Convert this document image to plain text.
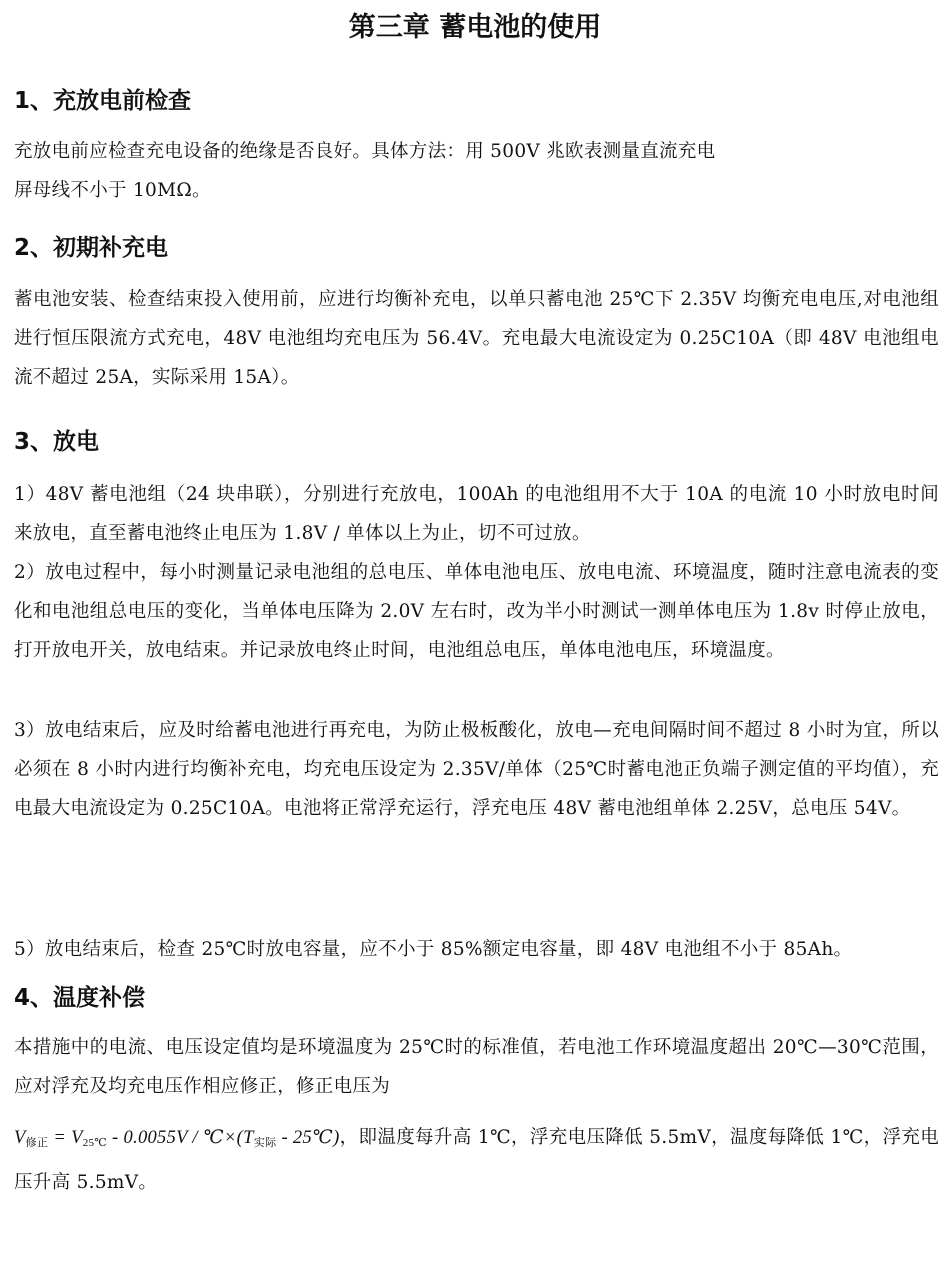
第三章 蓄电池的使用
1、充放电前检查

充放电前应检查充电设备的绝缘是否良好。具体方法：用 500V 兆欧表测量直流充电

屏母线不小于 10MΩ。

2、初期补充电

蓄电池安装、检查结束投入使用前，应进行均衡补充电，以单只蓄电池 25℃下 2.35V 均衡充电电压,对电池组进行恒压限流方式充电，48V 电池组均充电压为 56.4V。充电最大电流设定为 0.25C10A（即 48V 电池组电流不超过 25A，实际采用 15A）。

3、放电

1）48V 蓄电池组（24 块串联），分别进行充放电，100Ah 的电池组用不大于 10A 的电流 10 小时放电时间来放电，直至蓄电池终止电压为 1.8V / 单体以上为止，切不可过放。

2）放电过程中，每小时测量记录电池组的总电压、单体电池电压、放电电流、环境温度，随时注意电流表的变化和电池组总电压的变化，当单体电压降为 2.0V 左右时，改为半小时测试一测单体电压为 1.8v 时停止放电，打开放电开关，放电结束。并记录放电终止时间，电池组总电压，单体电池电压，环境温度。

3）放电结束后，应及时给蓄电池进行再充电，为防止极板酸化，放电—充电间隔时间不超过 8 小时为宜，所以必须在 8 小时内进行均衡补充电，均充电压设定为 2.35V/单体（25℃时蓄电池正负端子测定值的平均值），充电最大电流设定为 0.25C10A。电池将正常浮充运行，浮充电压 48V 蓄电池组单体 2.25V，总电压 54V。

5）放电结束后，检查 25℃时放电容量，应不小于 85%额定电容量，即 48V 电池组不小于 85Ah。

4、温度补偿

本措施中的电流、电压设定值均是环境温度为 25℃时的标准值，若电池工作环境温度超出 20℃—30℃范围，应对浮充及均充电压作相应修正，修正电压为

$V_{修正} = V_{25℃} - 0.0055V$ / $℃\times(T_{实际}$ - 25℃)，即温度每升高 1℃，浮充电压降低 5.5mV，温度每降低 1℃，浮充电压升高 5.5mV。
